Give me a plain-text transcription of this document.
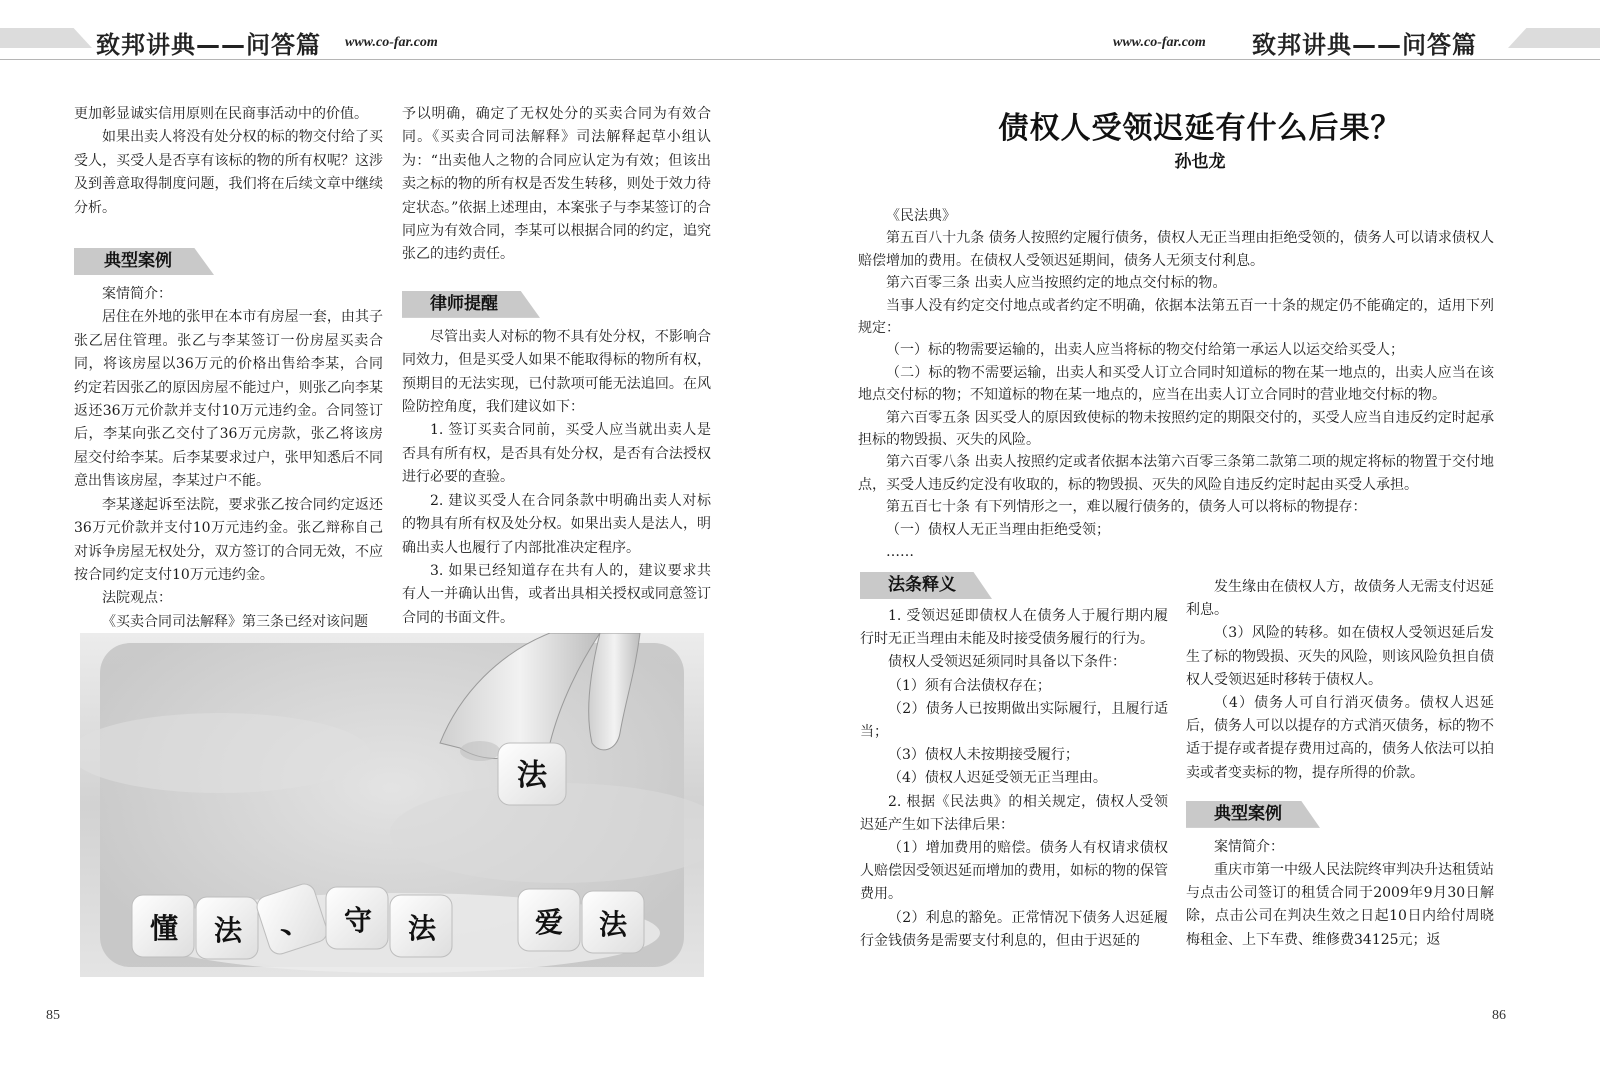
致邦讲典——问答篇 www.co-far.com

更加彰显诚实信用原则在民商事活动中的价值。

如果出卖人将没有处分权的标的物交付给了买受人，买受人是否享有该标的物的所有权呢？这涉及到善意取得制度问题，我们将在后续文章中继续分析。

典型案例

案情简介：

居住在外地的张甲在本市有房屋一套，由其子张乙居住管理。张乙与李某签订一份房屋买卖合同，将该房屋以36万元的价格出售给李某，合同约定若因张乙的原因房屋不能过户，则张乙向李某返还36万元价款并支付10万元违约金。合同签订后，李某向张乙交付了36万元房款，张乙将该房屋交付给李某。后李某要求过户，张甲知悉后不同意出售该房屋，李某过户不能。

李某遂起诉至法院，要求张乙按合同约定返还36万元价款并支付10万元违约金。张乙辩称自己对诉争房屋无权处分，双方签订的合同无效，不应按合同约定支付10万元违约金。

法院观点：

《买卖合同司法解释》第三条已经对该问题

予以明确，确定了无权处分的买卖合同为有效合同。《买卖合同司法解释》司法解释起草小组认为：“出卖他人之物的合同应认定为有效；但该出卖之标的物的所有权是否发生转移，则处于效力待定状态。”依据上述理由，本案张子与李某签订的合同应为有效合同，李某可以根据合同的约定，追究张乙的违约责任。

律师提醒

尽管出卖人对标的物不具有处分权，不影响合同效力，但是买受人如果不能取得标的物所有权，预期目的无法实现，已付款项可能无法追回。在风险防控角度，我们建议如下：

1. 签订买卖合同前，买受人应当就出卖人是否具有所有权，是否具有处分权，是否有合法授权进行必要的查验。

2. 建议买受人在合同条款中明确出卖人对标的物具有所有权及处分权。如果出卖人是法人，明确出卖人也履行了内部批准决定程序。

3. 如果已经知道存在共有人的，建议要求共有人一并确认出售，或者出具相关授权或同意签订合同的书面文件。

法
懂 法 、 守 法	爱 法
85
www.co-far.com 致邦讲典——问答篇
债权人受领迟延有什么后果？
孙也龙

《民法典》

第五百八十九条 债务人按照约定履行债务，债权人无正当理由拒绝受领的，债务人可以请求债权人赔偿增加的费用。在债权人受领迟延期间，债务人无须支付利息。

第六百零三条 出卖人应当按照约定的地点交付标的物。

当事人没有约定交付地点或者约定不明确，依据本法第五百一十条的规定仍不能确定的，适用下列规定：

（一）标的物需要运输的，出卖人应当将标的物交付给第一承运人以运交给买受人；

（二）标的物不需要运输，出卖人和买受人订立合同时知道标的物在某一地点的，出卖人应当在该地点交付标的物；不知道标的物在某一地点的，应当在出卖人订立合同时的营业地交付标的物。

第六百零五条 因买受人的原因致使标的物未按照约定的期限交付的，买受人应当自违反约定时起承担标的物毁损、灭失的风险。

第六百零八条 出卖人按照约定或者依据本法第六百零三条第二款第二项的规定将标的物置于交付地点，买受人违反约定没有收取的，标的物毁损、灭失的风险自违反约定时起由买受人承担。

第五百七十条 有下列情形之一，难以履行债务的，债务人可以将标的物提存：

（一）债权人无正当理由拒绝受领；

……

法条释义

1. 受领迟延即债权人在债务人于履行期内履行时无正当理由未能及时接受债务履行的行为。

债权人受领迟延须同时具备以下条件：

（1）须有合法债权存在；

（2）债务人已按期做出实际履行，且履行适当；

（3）债权人未按期接受履行；

（4）债权人迟延受领无正当理由。

2. 根据《民法典》的相关规定，债权人受领迟延产生如下法律后果：

（1）增加费用的赔偿。债务人有权请求债权人赔偿因受领迟延而增加的费用，如标的物的保管费用。

（2）利息的豁免。正常情况下债务人迟延履行金钱债务是需要支付利息的，但由于迟延的

发生缘由在债权人方，故债务人无需支付迟延利息。

（3）风险的转移。如在债权人受领迟延后发生了标的物毁损、灭失的风险，则该风险负担自债权人受领迟延时移转于债权人。

（4）债务人可自行消灭债务。债权人迟延后，债务人可以以提存的方式消灭债务，标的物不适于提存或者提存费用过高的，债务人依法可以拍卖或者变卖标的物，提存所得的价款。

典型案例

案情简介：

重庆市第一中级人民法院终审判决升达租赁站与点击公司签订的租赁合同于2009年9月30日解除，点击公司在判决生效之日起10日内给付周晓梅租金、上下车费、维修费34125元；返

86
